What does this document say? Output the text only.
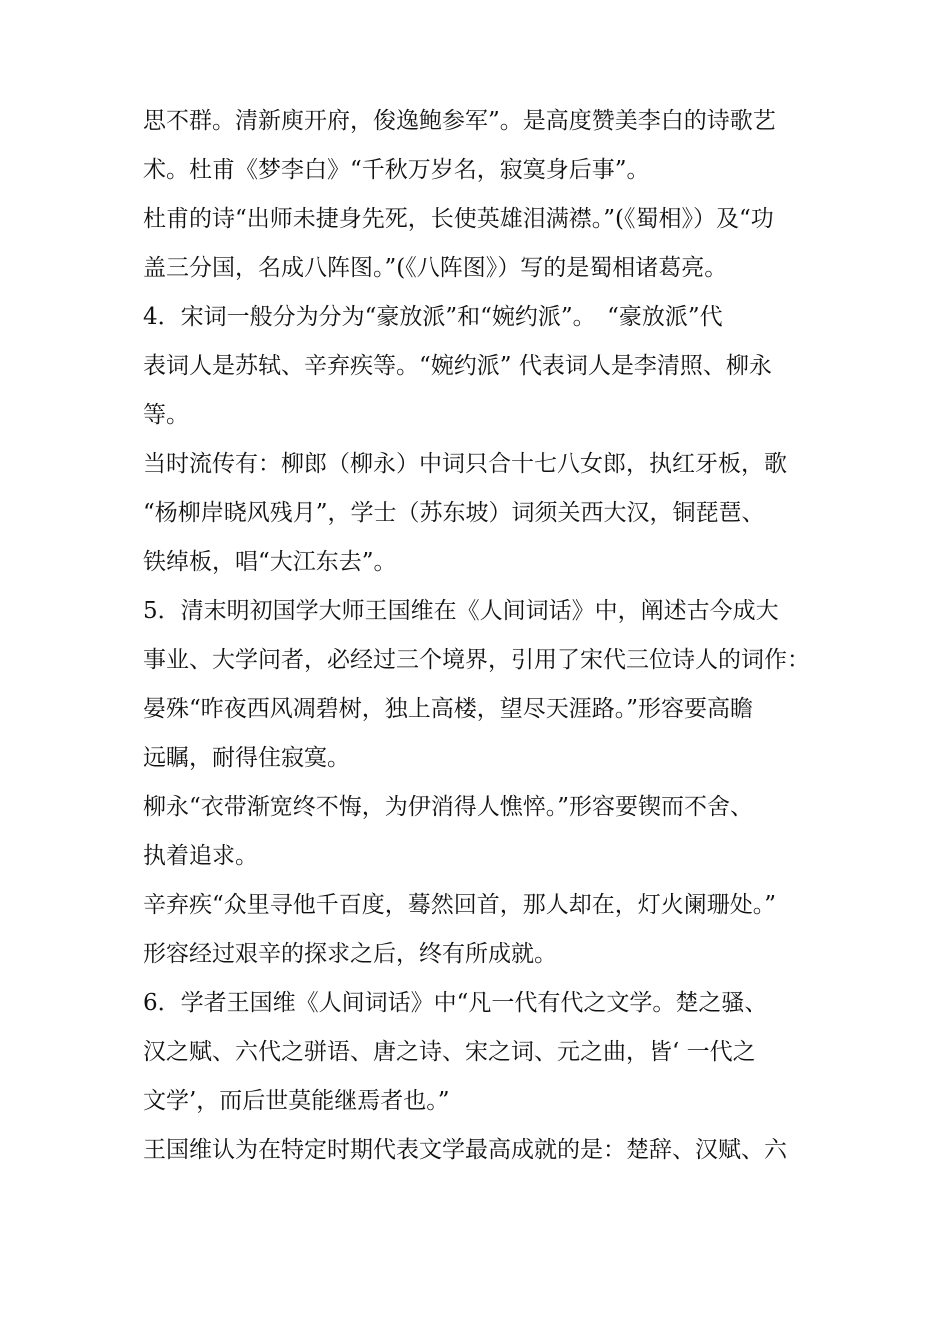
思不群。清新庾开府，俊逸鲍参军”。是高度赞美李白的诗歌艺
术。杜甫《梦李白》“千秋万岁名，寂寞身后事”。
杜甫的诗“出师未捷身先死，长使英雄泪满襟。”(《蜀相》）及“功
盖三分国，名成八阵图。”(《八阵图》）写的是蜀相诸葛亮。
4．宋词一般分为分为“豪放派”和“婉约派”。　“豪放派”代
表词人是苏轼、辛弃疾等。“婉约派” 代表词人是李清照、柳永
等。
当时流传有：柳郎（柳永）中词只合十七八女郎，执红牙板，歌
“杨柳岸晓风残月”，学士（苏东坡）词须关西大汉，铜琵琶、
铁绰板，唱“大江东去”。
5．清末明初国学大师王国维在《人间词话》中，阐述古今成大
事业、大学问者，必经过三个境界，引用了宋代三位诗人的词作：
晏殊“昨夜西风凋碧树，独上高楼，望尽天涯路。”形容要高瞻
远瞩，耐得住寂寞。
柳永“衣带渐宽终不悔，为伊消得人憔悴。”形容要锲而不舍、
执着追求。
辛弃疾“众里寻他千百度，蓦然回首，那人却在，灯火阑珊处。”
形容经过艰辛的探求之后，终有所成就。
6．学者王国维《人间词话》中“凡一代有代之文学。楚之骚、
汉之赋、六代之骈语、唐之诗、宋之词、元之曲，皆‘ 一代之
文学’，而后世莫能继焉者也。”
王国维认为在特定时期代表文学最高成就的是：楚辞、汉赋、六
